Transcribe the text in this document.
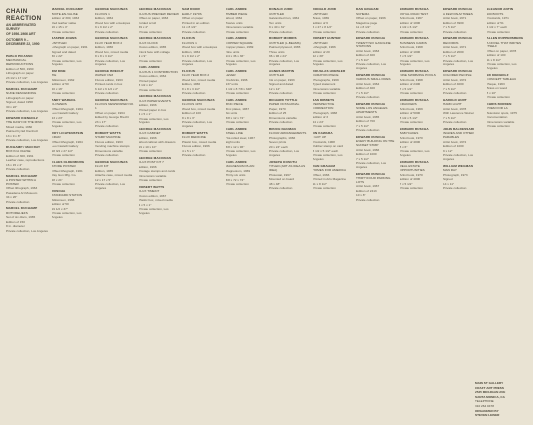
CHAIN REACTION
AN ABBREVIATED SURVEY
OF 1956-1966 ART
OCTOBER 9 – DECEMBER 22, 1990
PABLO PICASSO
MECHANICAL REPRODUCTIONS
Edition of 500, 1960
Lithograph on paper
23 1/2 x 17 1/2"
Private collection, Los Angeles
MARCEL DUCHAMP
NUDE DESCENDING
Lithograph on paper
Signed, dated 1958
30 x 22"
Private collection, Los Angeles
EDWARD KIENHOLZ
THE DASH OF THE MIND
Mixed media, 1960
Painted by Ed Kienholz
13 x 9 x 8"
Private collection, Los Angeles
DUCHAMP / MAN RAY
BOX IN A VALISE
Edition of 300, 1961
Leather case, reproductions
16 x 15 x 4"
Private collection
MARCEL DUCHAMP
A POSTER WITHIN A POSTER
Offset lithograph, 1963
Pasadena Art Museum
34 x 26"
Private collection
MARCEL DUCHAMP
ROTORELIEFS
Set of six discs, 1965
Edition of 150
8 in. diameter
Private collection, Los Angeles
MARCEL DUCHAMP
BOITE-EN-VALISE
Edition of 300, 1963
Red leather valise
16 x 15 x 4"
Private collection
JASPER JOHNS
UNTITLED
Lithograph on paper, 1961
Signed and dated
30 x 22"
Private collection, Los Angeles
JIM DINE
TIE
Silkscreen, 1962
Edition of 50
20 x 16"
Private collection
ANDY WARHOL
FLOWERS
Offset lithograph, 1964
Leo Castelli Gallery
23 x 23"
Private collection, Los Angeles
ROY LICHTENSTEIN
CRAK!
Offset lithograph, 1964
Leo Castelli Gallery
18 3/4 x 27 1/2"
Private collection
CLAES OLDENBURG
STORE POSTER
Offset lithograph, 1961
Ray Gun Mfg. Co.
28 x 21"
Private collection
RUSCHA
STANDARD STATION
Silkscreen, 1966
Edition of 50
19 1/2 x 37"
Private collection, Los Angeles
GEORGE MACIUNAS
FLUXUS 1
Edition, 1964
Wood box with envelopes
9 x 9 1/2 x 2"
Private collection
GEORGE MACIUNAS
FLUX YEAR BOX 2
Edition, 1966
Wood box, mixed media
8 x 8 x 3 1/2"
Private collection, Los Angeles
GEORGE BRECHT
WATER YAM
Fluxus edition, 1963
Printed cards in box
6 1/2 x 6 1/2 x 2"
Private collection
GEORGE MACIUNAS
FLUXUS NEWSPAPER NO. 1
Offset on paper, 1964
Edited by George Brecht
23 x 17"
Private collection
ROBERT WATTS
STAMP MACHINE
Fluxus edition, 1963
Vending machine stamps
Dimensions variable
Private collection
GEORGE MACIUNAS
FLUX KIT
Edition, 1965
Attache case, mixed media
12 x 17 x 5"
Private collection, Los Angeles
GEORGE MACIUNAS
FLUXUS PREVIEW REVIEW
Offset on paper, 1963
Folded scroll
69 x 4"
Private collection
GEORGE MACIUNAS
FLUX CLOCK
Fluxus edition, 1965
Clock face with collage
9 x 9"
Private collection
CARL ANDRE
FLUXUS 1 CONTRIBUTION
Fluxus edition, 1964
Printed paper
8 1/2 x 11"
Private collection
GEORGE MACIUNAS
FLUX PAPER EVENTS
Edition, 1966
Printed paper in box
4 x 5 x 1"
Private collection, Los Angeles
GEORGE MACIUNAS
FLUX CABINET
Edition, 1966
Wood cabinet with drawers
19 x 10 x 10"
Private collection
GEORGE MACIUNAS
FLUX POST KIT 7
Edition, 1966
Postage stamps and cards
Dimensions variable
Private collection
ROBERT WATTS
FLUX TIMEKIT
Fluxus edition, 1967
Plastic box, mixed media
4 x 5 x 1"
Private collection, Los Angeles
SAM DOOR
EARLY 1970S
Offset on paper
Printed in an edition
11 x 8 1/2"
Private collection
FLUXUS
FLUXUS 1
Wood box with envelopes
Edition, 1964
9 x 9 1/2 x 2"
Private collection, Los Angeles
FLUXUS
FLUX YEAR BOX 2
Wood box, mixed media
Edition, 1966
8 x 8 x 3 1/2"
Private collection
GEORGE MACIUNAS
FLUXUS 1970
Wood box, mixed media
Edition of 100
8 x 8 x 3"
Private collection, Los Angeles
ROBERT WATTS
FLUX MEDICINE
Plastic box, mixed media
Fluxus edition, 1966
4 x 5 x 1"
Private collection
CARL ANDRE
TIMBER PIECE
Wood, 1964
Twelve units
Dimensions variable
Private collection
CARL ANDRE
COPPER SQUARE
Copper plates, 1969
Nine units
1/4 x 36 x 36"
Private collection, Los Angeles
CARL ANDRE
LEVER
Firebricks, 1966
137 units
4 1/2 x 8 7/8 x 348"
Private collection
CARL ANDRE
ZINC PIECE
Zinc plates, 1967
Six units
3/8 x 12 x 72"
Private collection
CARL ANDRE
STEEL LINE
Hot-rolled steel, 1967
Eight units
3/8 x 12 x 96"
Private collection, Los Angeles
CARL ANDRE
MAGNESIUM PLAIN
Magnesium, 1969
Thirty-six units
3/8 x 72 x 72"
Private collection
DONALD JUDD
UNTITLED
Galvanized iron, 1964
Ten units
9 x 40 x 31"
Private collection
ROBERT MORRIS
UNTITLED (L-BEAMS)
Painted plywood, 1965
Three units
96 x 96 x 24"
Private collection, Los Angeles
AGNES MARTIN
UNTITLED
Ink on paper, 1963
Signed and dated
12 x 12"
Private collection
RICHARD TUTTLE
PAPER OCTAGONAL
Paper, 1970
Edition of 25
Dimensions variable
Private collection
BRUCE NAUMAN
FLOUR ARRANGEMENTS
Photographs, 1966
Seven prints
20 x 24" each
Private collection, Los Angeles
JOSEPH KOSUTH
TITLED (ART AS IDEA AS IDEA)
Photostat, 1967
Mounted on board
48 x 48"
Private collection
DONALD JUDD
UNTITLED
Brass, 1969
Edition of 6
5 x 27 x 8 1/2"
Private collection
ROBERT HUNTER
UNTITLED
Lithograph, 1966
Edition of 20
22 x 30"
Private collection, Los Angeles
DOUGLAS HUEBLER
DURATION PIECE
Photographs, 1969
Typed statement
Dimensions variable
Private collection
JAN DIBBETS
PERSPECTIVE CORRECTION
Photograph, 1968
Edition of 3
24 x 24"
Private collection
ON KAWARA
I GOT UP
Postcards, 1968
Rubber stamp on card
3 1/2 x 5 1/2" each
Private collection, Los Angeles
DAN GRAHAM
HOMES FOR AMERICA
Offset, 1966
Printed in Arts Magazine
11 x 8 1/2"
Private collection
DAN GRAHAM
SCHEMA
Offset on paper, 1966
Magazine page
11 x 8 1/2"
Private collection
EDWARD RUSCHA
TWENTYSIX GASOLINE STATIONS
Artist book, 1963
Edition of 400
7 x 5 1/2"
Private collection, Los Angeles
EDWARD RUSCHA
VARIOUS SMALL FIRES
Artist book, 1964
Edition of 400
7 x 5 1/2"
Private collection
EDWARD RUSCHA
SOME LOS ANGELES APARTMENTS
Artist book, 1965
Edition of 700
7 x 5 1/2"
Private collection
EDWARD RUSCHA
EVERY BUILDING ON THE SUNSET STRIP
Artist book, 1966
Edition of 1000
7 x 5 1/2"
Private collection, Los Angeles
EDWARD RUSCHA
THIRTYFOUR PARKING LOTS
Artist book, 1967
Edition of 2413
10 x 8"
Private collection
EDWARD RUSCHA
ROYAL ROAD TEST
Artist book, 1967
Edition of 1000
9 1/2 x 6 1/2"
Private collection
EDWARD RUSCHA
BUSINESS CARDS
Artist book, 1968
Edition of 1000
7 x 5 1/2"
Private collection, Los Angeles
EDWARD RUSCHA
NINE SWIMMING POOLS
Artist book, 1968
Edition of 2400
7 x 5 1/2"
Private collection
EDWARD RUSCHA
CRACKERS
Artist book, 1969
Edition of 5000
8 1/2 x 5 1/2"
Private collection
EDWARD RUSCHA
BABYCAKES
Artist book, 1970
Edition of 4000
8 x 6"
Private collection, Los Angeles
EDWARD RUSCHA
REAL ESTATE OPPORTUNITIES
Artist book, 1970
Edition of 4000
7 x 5 1/2"
Private collection
EDWARD RUSCHA
A FEW PALM TREES
Artist book, 1971
Edition of 3900
7 x 5 1/2"
Private collection
EDWARD RUSCHA
RECORDS
Artist book, 1971
Edition of 2000
7 x 5 1/2"
Private collection, Los Angeles
EDWARD RUSCHA
COLORED PEOPLE
Artist book, 1972
Edition of 4000
7 x 5 1/2"
Private collection
HAROLD HURT
HARD LIGHT
Artist book, 1978
With Lawrence Weiner
7 x 5 1/2"
Private collection
JOHN BALDESSARI
INGRES AND OTHER PARABLES
Artist book, 1972
Edition of 1000
9 x 12"
Private collection, Los Angeles
WILLIAM WEGMAN
MAN RAY
Photograph, 1973
Signed
14 x 11"
Private collection
ELEANOR ANTIN
100 BOOTS
Postcards, 1971
Edition of 51
4 1/2 x 7" each
Private collection
ALLEN RUPPERSBERG
A NOVEL THAT WRITES ITSELF
Offset on paper, 1978
Edition of 100
11 x 8 1/2"
Private collection, Los Angeles
ED KIENHOLZ
CONCEPT TABLEAU
Plaque, 1963
Brass on wood
8 x 10"
Private collection
CHRIS BURDEN
POEM FOR LA
Television spots, 1975
Documentation
Dimensions variable
Private collection
MAIN ST GALLERY
CRAFT ART PRESS
2525 MICHIGAN AVE
SANTA MONICA, CA
TELEPHONE
310 264 0478
ORGANIZED BY
STEVEN LEISER
